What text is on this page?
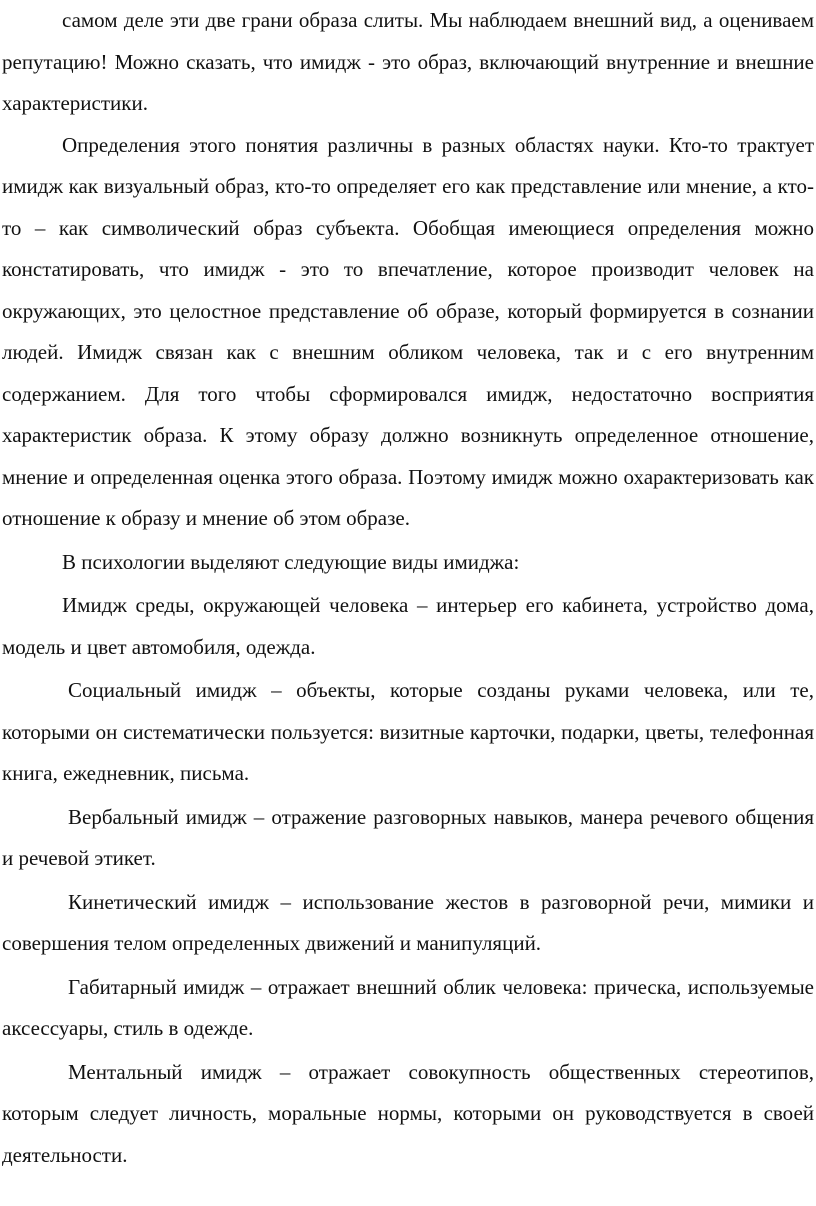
самом деле эти две грани образа слиты. Мы наблюдаем внешний вид, а оцениваем репутацию! Можно сказать, что имидж - это образ, включающий внутренние и внешние характеристики.

Определения этого понятия различны в разных областях науки. Кто-то трактует имидж как визуальный образ, кто-то определяет его как представление или мнение, а кто-то – как символический образ субъекта. Обобщая имеющиеся определения можно констатировать, что имидж - это то впечатление, которое производит человек на окружающих, это целостное представление об образе, который формируется в сознании людей. Имидж связан как с внешним обликом человека, так и с его внутренним содержанием. Для того чтобы сформировался имидж, недостаточно восприятия характеристик образа. К этому образу должно возникнуть определенное отношение, мнение и определенная оценка этого образа. Поэтому имидж можно охарактеризовать как отношение к образу и мнение об этом образе.

В психологии выделяют следующие виды имиджа:

Имидж среды, окружающей человека – интерьер его кабинета, устройство дома, модель и цвет автомобиля, одежда.

Социальный имидж – объекты, которые созданы руками человека, или те, которыми он систематически пользуется: визитные карточки, подарки, цветы, телефонная книга, ежедневник, письма.

Вербальный имидж – отражение разговорных навыков, манера речевого общения и речевой этикет.

Кинетический имидж – использование жестов в разговорной речи, мимики и совершения телом определенных движений и манипуляций.

Габитарный имидж – отражает внешний облик человека: прическа, используемые аксессуары, стиль в одежде.

Ментальный имидж – отражает совокупность общественных стереотипов, которым следует личность, моральные нормы, которыми он руководствуется в своей деятельности.
